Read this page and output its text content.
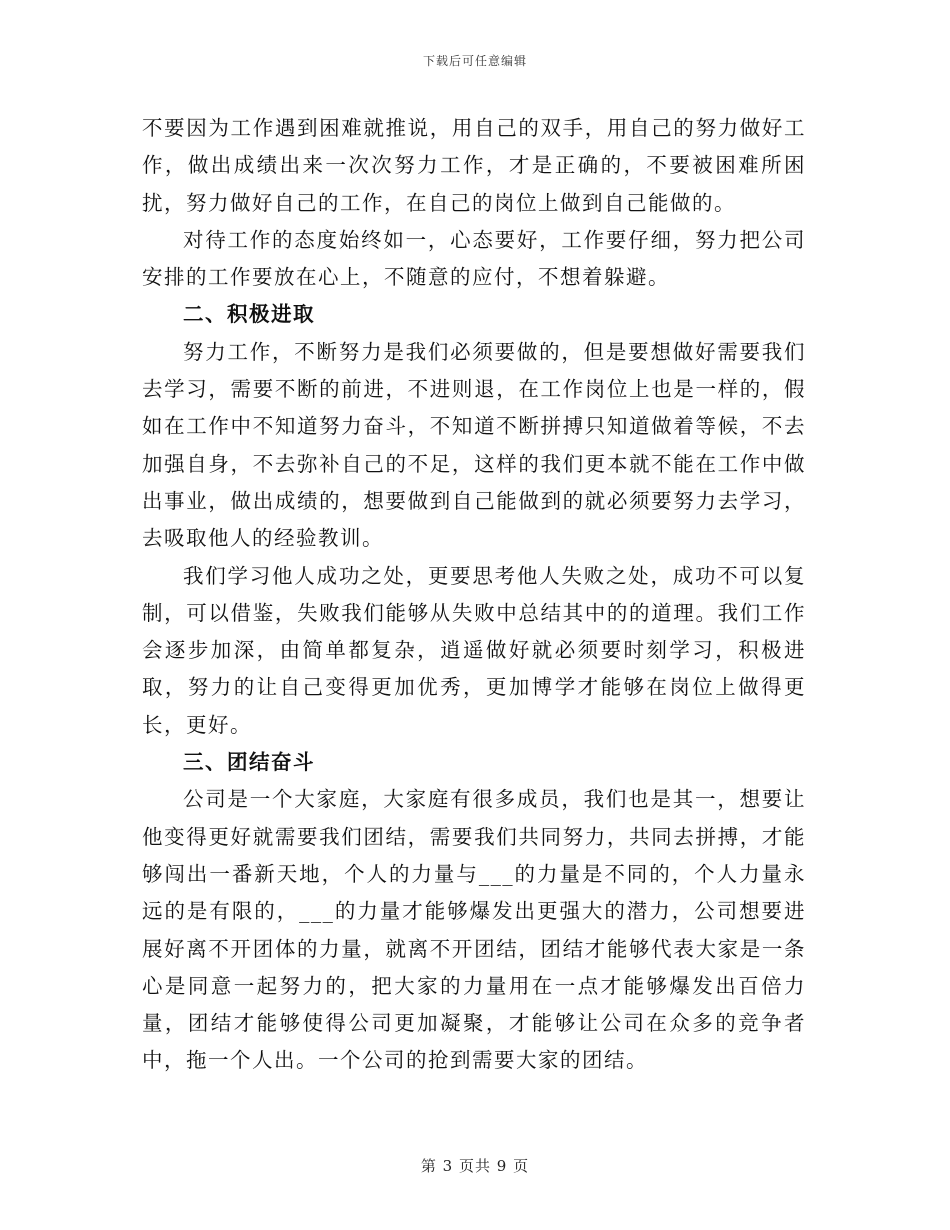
下载后可任意编辑

不要因为工作遇到困难就推说，用自己的双手，用自己的努力做好工作，做出成绩出来一次次努力工作，才是正确的，不要被困难所困扰，努力做好自己的工作，在自己的岗位上做到自己能做的。

对待工作的态度始终如一，心态要好，工作要仔细，努力把公司安排的工作要放在心上，不随意的应付，不想着躲避。

二、积极进取

努力工作，不断努力是我们必须要做的，但是要想做好需要我们去学习，需要不断的前进，不进则退，在工作岗位上也是一样的，假如在工作中不知道努力奋斗，不知道不断拼搏只知道做着等候，不去加强自身，不去弥补自己的不足，这样的我们更本就不能在工作中做出事业，做出成绩的，想要做到自己能做到的就必须要努力去学习，去吸取他人的经验教训。

我们学习他人成功之处，更要思考他人失败之处，成功不可以复制，可以借鉴，失败我们能够从失败中总结其中的的道理。我们工作会逐步加深，由简单都复杂，逍遥做好就必须要时刻学习，积极进取，努力的让自己变得更加优秀，更加博学才能够在岗位上做得更长，更好。

三、团结奋斗

公司是一个大家庭，大家庭有很多成员，我们也是其一，想要让他变得更好就需要我们团结，需要我们共同努力，共同去拼搏，才能够闯出一番新天地，个人的力量与___的力量是不同的，个人力量永远的是有限的，___的力量才能够爆发出更强大的潜力，公司想要进展好离不开团体的力量，就离不开团结，团结才能够代表大家是一条心是同意一起努力的，把大家的力量用在一点才能够爆发出百倍力量，团结才能够使得公司更加凝聚，才能够让公司在众多的竞争者中，拖一个人出。一个公司的抢到需要大家的团结。

第 3 页共 9 页
